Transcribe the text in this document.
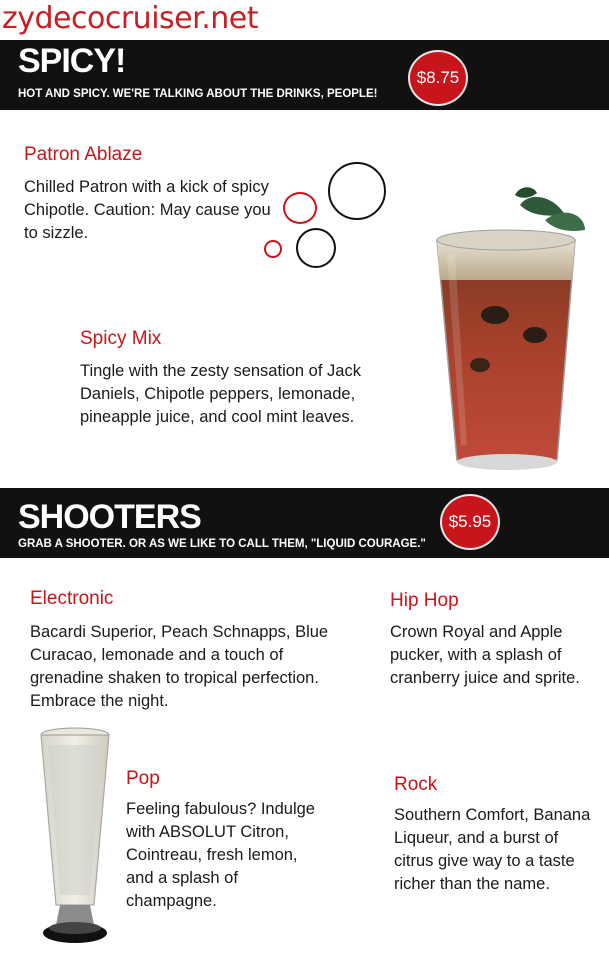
zydecocruiser.net
SPICY!
HOT AND SPICY. WE'RE TALKING ABOUT THE DRINKS, PEOPLE!
$8.75
Patron Ablaze
Chilled Patron with a kick of spicy Chipotle. Caution: May cause you to sizzle.
Spicy Mix
Tingle with the zesty sensation of Jack Daniels, Chipotle peppers, lemonade, pineapple juice, and cool mint leaves.
SHOOTERS
GRAB A SHOOTER. OR AS WE LIKE TO CALL THEM, "LIQUID COURAGE."
$5.95
Electronic
Bacardi Superior, Peach Schnapps, Blue Curacao, lemonade and a touch of grenadine shaken to tropical perfection. Embrace the night.
Hip Hop
Crown Royal and Apple pucker, with a splash of cranberry juice and sprite.
Pop
Feeling fabulous? Indulge with ABSOLUT Citron, Cointreau, fresh lemon, and a splash of champagne.
Rock
Southern Comfort, Banana Liqueur, and a burst of citrus give way to a taste richer than the name.
